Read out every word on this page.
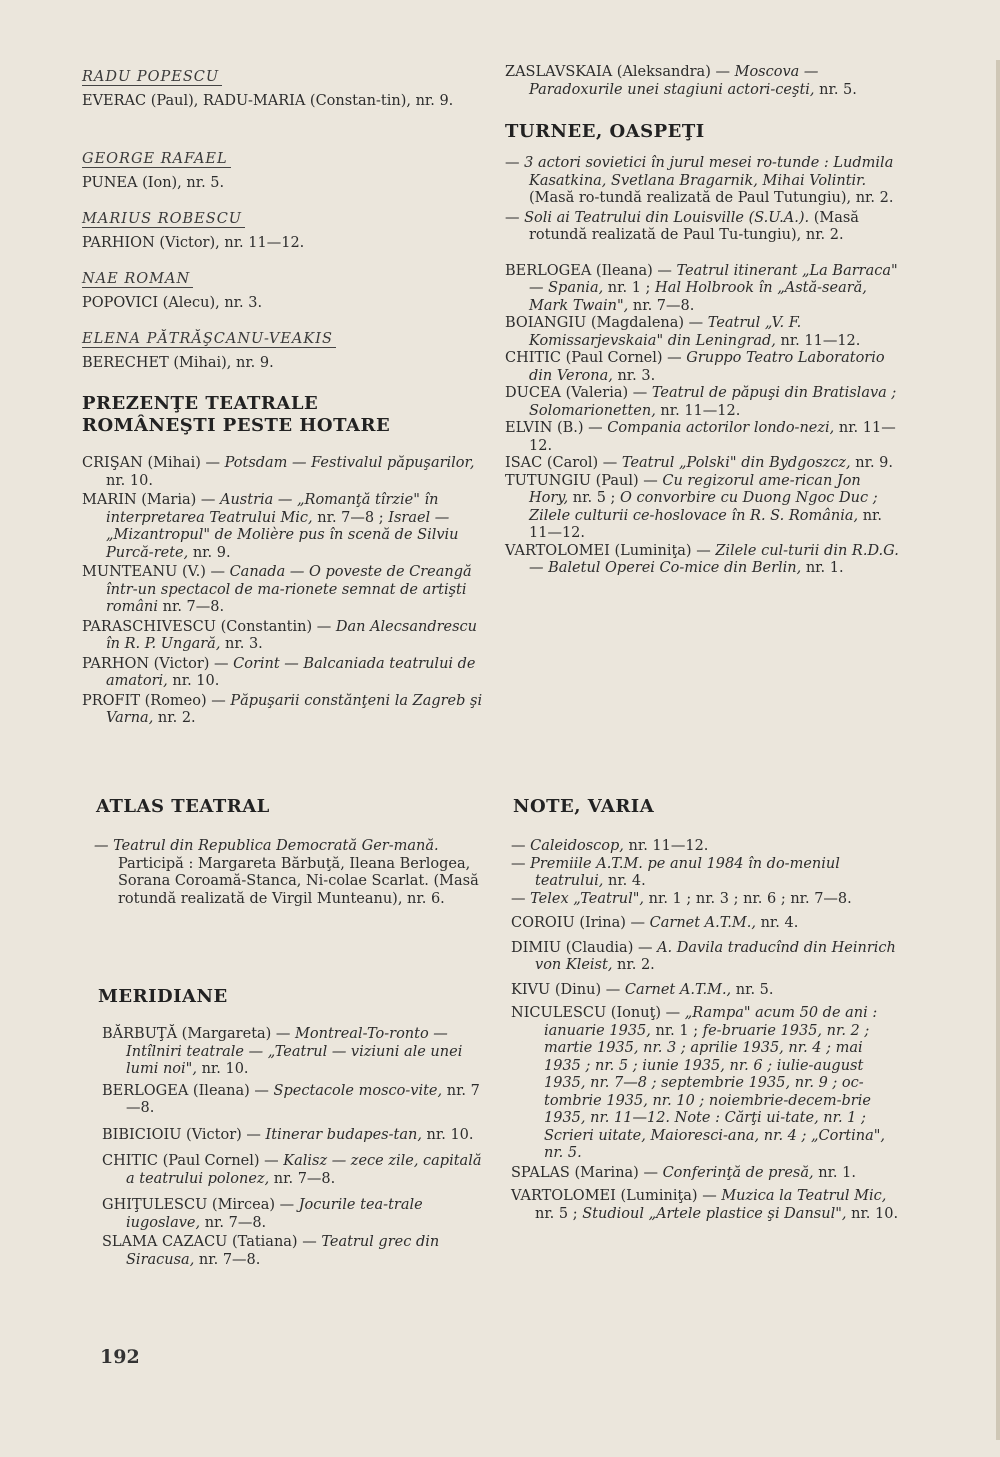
RADU POPESCU
EVERAC (Paul), RADU-MARIA (Constan-tin), nr. 9.
GEORGE RAFAEL
PUNEA (Ion), nr. 5.
MARIUS ROBESCU
PARHION (Victor), nr. 11—12.
NAE ROMAN
POPOVICI (Alecu), nr. 3.
ELENA PĂTRĂŞCANU-VEAKIS
BERECHET (Mihai), nr. 9.
PREZENŢE TEATRALE
ROMÂNEŞTI PESTE HOTARE
CRIŞAN (Mihai) — Potsdam — Festivalul păpuşarilor, nr. 10.
MARIN (Maria) — Austria — „Romanţă tîrzie" în interpretarea Teatrului Mic, nr. 7—8 ; Israel — „Mizantropul" de Molière pus în scenă de Silviu Purcă-rete, nr. 9.
MUNTEANU (V.) — Canada — O poveste de Creangă într-un spectacol de ma-rionete semnat de artişti români nr. 7—8.
PARASCHIVESCU (Constantin) — Dan Alecsandrescu în R. P. Ungară, nr. 3.
PARHON (Victor) — Corint — Balcaniada teatrului de amatori, nr. 10.
PROFIT (Romeo) — Păpuşarii constănţeni la Zagreb şi Varna, nr. 2.
ATLAS TEATRAL
— Teatrul din Republica Democrată Ger-mană.
Participă : Margareta Bărbuţă, Ileana Berlogea, Sorana Coroamă-Stanca, Ni-colae Scarlat. (Masă rotundă realizată de Virgil Munteanu), nr. 6.
MERIDIANE
BĂRBUŢĂ (Margareta) — Montreal-To-ronto — Intîlniri teatrale — „Teatrul — viziuni ale unei lumi noi", nr. 10.
BERLOGEA (Ileana) — Spectacole mosco-vite, nr. 7—8.
BIBICIOIU (Victor) — Itinerar budapes-tan, nr. 10.
CHITIC (Paul Cornel) — Kalisz — zece zile, capitală a teatrului polonez, nr. 7—8.
GHIŢULESCU (Mircea) — Jocurile tea-trale iugoslave, nr. 7—8.
SLAMA CAZACU (Tatiana) — Teatrul grec din Siracusa, nr. 7—8.
192
ZASLAVSKAIA (Aleksandra) — Moscova — Paradoxurile unei stagiuni actori-ceşti, nr. 5.
TURNEE, OASPEŢI
— 3 actori sovietici în jurul mesei ro-tunde : Ludmila Kasatkina, Svetlana Bragarnik, Mihai Volintir. (Masă ro-tundă realizată de Paul Tutungiu), nr. 2.
— Soli ai Teatrului din Louisville (S.U.A.). (Masă rotundă realizată de Paul Tu-tungiu), nr. 2.
BERLOGEA (Ileana) — Teatrul itinerant „La Barraca" — Spania, nr. 1 ; Hal Holbrook în „Astă-seară, Mark Twain", nr. 7—8.
BOIANGIU (Magdalena) — Teatrul „V. F. Komissarjevskaia" din Leningrad, nr. 11—12.
CHITIC (Paul Cornel) — Gruppo Teatro Laboratorio din Verona, nr. 3.
DUCEA (Valeria) — Teatrul de păpuşi din Bratislava ; Solomarionetten, nr. 11—12.
ELVIN (B.) — Compania actorilor londo-nezi, nr. 11—12.
ISAC (Carol) — Teatrul „Polski" din Bydgoszcz, nr. 9.
TUTUNGIU (Paul) — Cu regizorul ame-rican Jon Hory, nr. 5 ; O convorbire cu Duong Ngoc Duc ; Zilele culturii ce-hoslovace în R. S. România, nr. 11—12.
VARTOLOMEI (Luminiţa) — Zilele cul-turii din R.D.G. — Baletul Operei Co-mice din Berlin, nr. 1.
NOTE, VARIA
— Caleidoscop, nr. 11—12.
— Premiile A.T.M. pe anul 1984 în do-meniul teatrului, nr. 4.
— Telex „Teatrul", nr. 1 ; nr. 3 ; nr. 6 ; nr. 7—8.
COROIU (Irina) — Carnet A.T.M., nr. 4.
DIMIU (Claudia) — A. Davila traducînd din Heinrich von Kleist, nr. 2.
KIVU (Dinu) — Carnet A.T.M., nr. 5.
NICULESCU (Ionuţ) — „Rampa" acum 50 de ani : ianuarie 1935, nr. 1 ; fe-bruarie 1935, nr. 2 ; martie 1935, nr. 3 ; aprilie 1935, nr. 4 ; mai 1935 ; nr. 5 ; iunie 1935, nr. 6 ; iulie-august 1935, nr. 7—8 ; septembrie 1935, nr. 9 ; oc-tombrie 1935, nr. 10 ; noiembrie-decem-brie 1935, nr. 11—12. Note : Cărţi ui-tate, nr. 1 ; Scrieri uitate, Maioresci-ana, nr. 4 ; „Cortina", nr. 5.
SPALAS (Marina) — Conferinţă de presă, nr. 1.
VARTOLOMEI (Luminiţa) — Muzica la Teatrul Mic, nr. 5 ; Studioul „Artele plastice şi Dansul", nr. 10.
